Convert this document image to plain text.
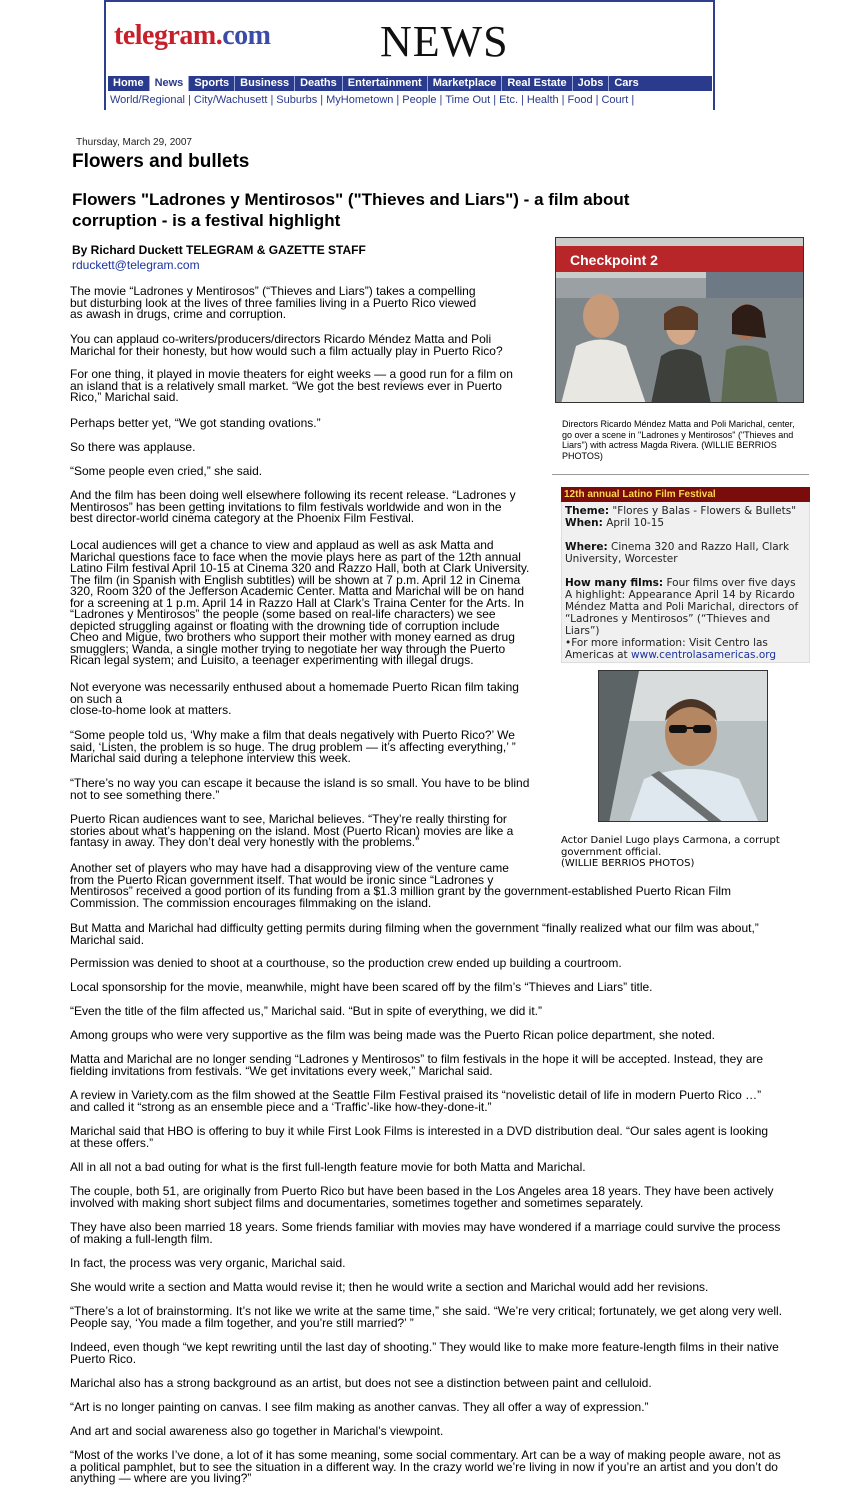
telegram.com NEWS
Home	News	Sports	Business	Deaths	Entertainment	Marketplace	Real Estate	Jobs	Cars
World/Regional | City/Wachusett | Suburbs | MyHometown | People | Time Out | Etc. | Health | Food | Court |
Thursday, March 29, 2007
Flowers and bullets
Flowers "Ladrones y Mentirosos" ("Thieves and Liars") - a film about corruption - is a festival highlight
By Richard Duckett TELEGRAM & GAZETTE STAFF
rduckett@telegram.com
The movie “Ladrones y Mentirosos” (“Thieves and Liars”) takes a compelling
but disturbing look at the lives of three families living in a Puerto Rico viewed
as awash in drugs, crime and corruption.
You can applaud co-writers/producers/directors Ricardo Méndez Matta and Poli
Marichal for their honesty, but how would such a film actually play in Puerto Rico?
For one thing, it played in movie theaters for eight weeks — a good run for a film on
an island that is a relatively small market. “We got the best reviews ever in Puerto
Rico,” Marichal said.
Perhaps better yet, “We got standing ovations.”
So there was applause.
“Some people even cried,” she said.
And the film has been doing well elsewhere following its recent release. “Ladrones y
Mentirosos” has been getting invitations to film festivals worldwide and won in the
best director-world cinema category at the Phoenix Film Festival.
Local audiences will get a chance to view and applaud as well as ask Matta and
Marichal questions face to face when the movie plays here as part of the 12th annual
Latino Film festival April 10-15 at Cinema 320 and Razzo Hall, both at Clark University.
The film (in Spanish with English subtitles) will be shown at 7 p.m. April 12 in Cinema
320, Room 320 of the Jefferson Academic Center. Matta and Marichal will be on hand
for a screening at 1 p.m. April 14 in Razzo Hall at Clark’s Traina Center for the Arts. In
“Ladrones y Mentirosos” the people (some based on real-life characters) we see
depicted struggling against or floating with the drowning tide of corruption include
Cheo and Migue, two brothers who support their mother with money earned as drug
smugglers; Wanda, a single mother trying to negotiate her way through the Puerto
Rican legal system; and Luisito, a teenager experimenting with illegal drugs.
Not everyone was necessarily enthused about a homemade Puerto Rican film taking
on such a
close-to-home look at matters.
“Some people told us, ‘Why make a film that deals negatively with Puerto Rico?’ We
said, ‘Listen, the problem is so huge. The drug problem — it’s affecting everything,’ ”
Marichal said during a telephone interview this week.
“There’s no way you can escape it because the island is so small. You have to be blind
not to see something there.”
Puerto Rican audiences want to see, Marichal believes. “They’re really thirsting for
stories about what’s happening on the island. Most (Puerto Rican) movies are like a
fantasy in away. They don’t deal very honestly with the problems.”
Another set of players who may have had a disapproving view of the venture came
from the Puerto Rican government itself. That would be ironic since “Ladrones y
Mentirosos” received a good portion of its funding from a $1.3 million grant by the government-established Puerto Rican Film
Commission. The commission encourages filmmaking on the island.
But Matta and Marichal had difficulty getting permits during filming when the government “finally realized what our film was about,”
Marichal said.
Permission was denied to shoot at a courthouse, so the production crew ended up building a courtroom.
Local sponsorship for the movie, meanwhile, might have been scared off by the film’s “Thieves and Liars” title.
“Even the title of the film affected us,” Marichal said. “But in spite of everything, we did it.”
Among groups who were very supportive as the film was being made was the Puerto Rican police department, she noted.
Matta and Marichal are no longer sending “Ladrones y Mentirosos” to film festivals in the hope it will be accepted. Instead, they are
fielding invitations from festivals. “We get invitations every week,” Marichal said.
A review in Variety.com as the film showed at the Seattle Film Festival praised its “novelistic detail of life in modern Puerto Rico …”
and called it “strong as an ensemble piece and a ‘Traffic’-like how-they-done-it.”
Marichal said that HBO is offering to buy it while First Look Films is interested in a DVD distribution deal. “Our sales agent is looking
at these offers.”
All in all not a bad outing for what is the first full-length feature movie for both Matta and Marichal.
The couple, both 51, are originally from Puerto Rico but have been based in the Los Angeles area 18 years. They have been actively
involved with making short subject films and documentaries, sometimes together and sometimes separately.
They have also been married 18 years. Some friends familiar with movies may have wondered if a marriage could survive the process
of making a full-length film.
In fact, the process was very organic, Marichal said.
She would write a section and Matta would revise it; then he would write a section and Marichal would add her revisions.
“There’s a lot of brainstorming. It’s not like we write at the same time,” she said. “We’re very critical; fortunately, we get along very well.
People say, ‘You made a film together, and you’re still married?’ ”
Indeed, even though “we kept rewriting until the last day of shooting.” They would like to make more feature-length films in their native
Puerto Rico.
Marichal also has a strong background as an artist, but does not see a distinction between paint and celluloid.
“Art is no longer painting on canvas. I see film making as another canvas. They all offer a way of expression.”
And art and social awareness also go together in Marichal’s viewpoint.
“Most of the works I’ve done, a lot of it has some meaning, some social commentary. Art can be a way of making people aware, not as
a political pamphlet, but to see the situation in a different way. In the crazy world we’re living in now if you’re an artist and you don’t do
anything — where are you living?”
Checkpoint 2
Directors Ricardo Méndez Matta and Poli Marichal, center, go over a scene in "Ladrones y Mentirosos" ("Thieves and Liars") with actress Magda Rivera. (WILLIE BERRIOS PHOTOS)
12th annual Latino Film Festival
Theme: "Flores y Balas - Flowers & Bullets"
When: April 10-15
Where: Cinema 320 and Razzo Hall, Clark University, Worcester
How many films: Four films over five days
A highlight: Appearance April 14 by Ricardo Méndez Matta and Poli Marichal, directors of “Ladrones y Mentirosos” (“Thieves and Liars”)
•For more information: Visit Centro las Americas at www.centrolasamericas.org
Actor Daniel Lugo plays Carmona, a corrupt government official.
(WILLIE BERRIOS PHOTOS)
